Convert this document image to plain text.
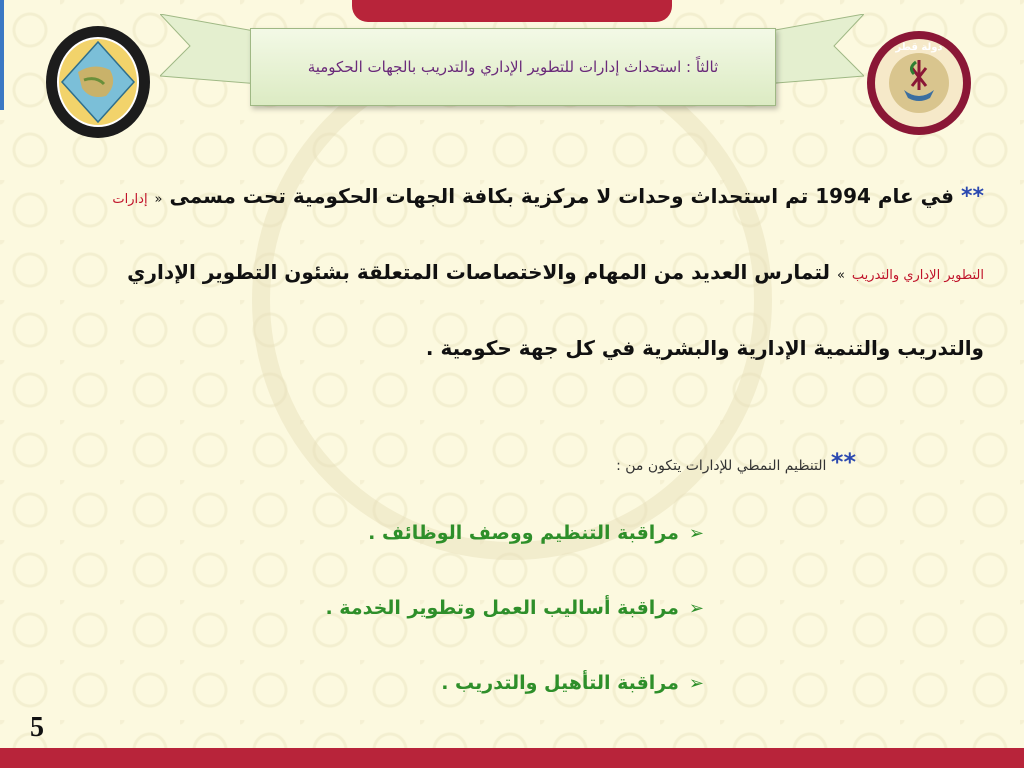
ثالثاً : استحداث إدارات للتطوير الإداري والتدريب بالجهات الحكومية
دولة قطر
** في عام 1994 تم استحداث وحدات لا مركزية بكافة الجهات الحكومية تحت مسمى « إدارات
التطوير الإداري والتدريب » لتمارس العديد من المهام والاختصاصات المتعلقة بشئون التطوير الإداري
والتدريب والتنمية الإدارية والبشرية في كل جهة حكومية .
** التنظيم النمطي للإدارات يتكون من :
➢مراقبة التنظيم ووصف الوظائف .
➢مراقبة أساليب العمل وتطوير الخدمة .
➢مراقبة التأهيل والتدريب .
5
